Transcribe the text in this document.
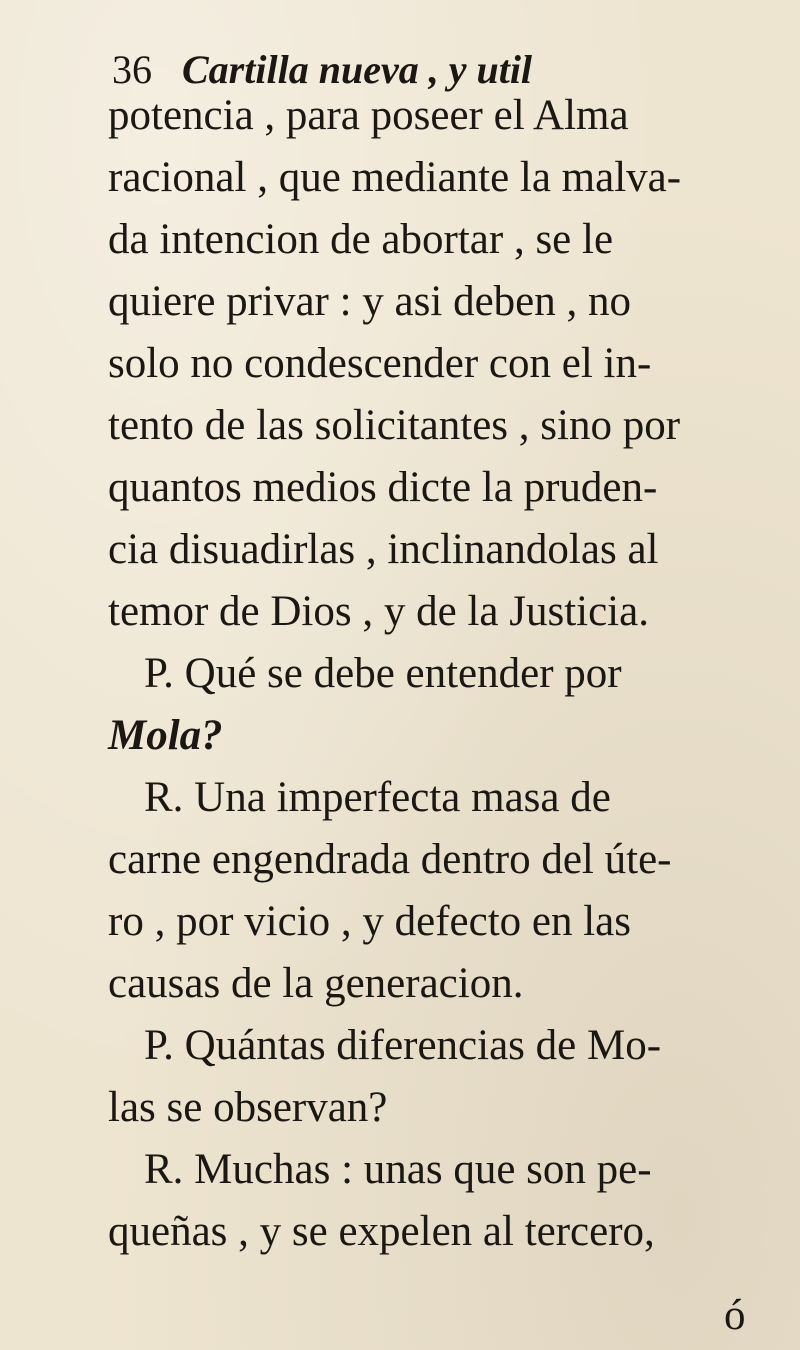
36 Cartilla nueva , y util
potencia , para poseer el Alma
racional , que mediante la malva-
da intencion de abortar , se le
quiere privar : y asi deben , no
solo no condescender con el in-
tento de las solicitantes , sino por
quantos medios dicte la pruden-
cia disuadirlas , inclinandolas al
temor de Dios , y de la Justicia.
P. Qué se debe entender por
Mola?
R. Una imperfecta masa de
carne engendrada dentro del úte-
ro , por vicio , y defecto en las
causas de la generacion.
P. Quántas diferencias de Mo-
las se observan?
R. Muchas : unas que son pe-
queñas , y se expelen al tercero,
ó
